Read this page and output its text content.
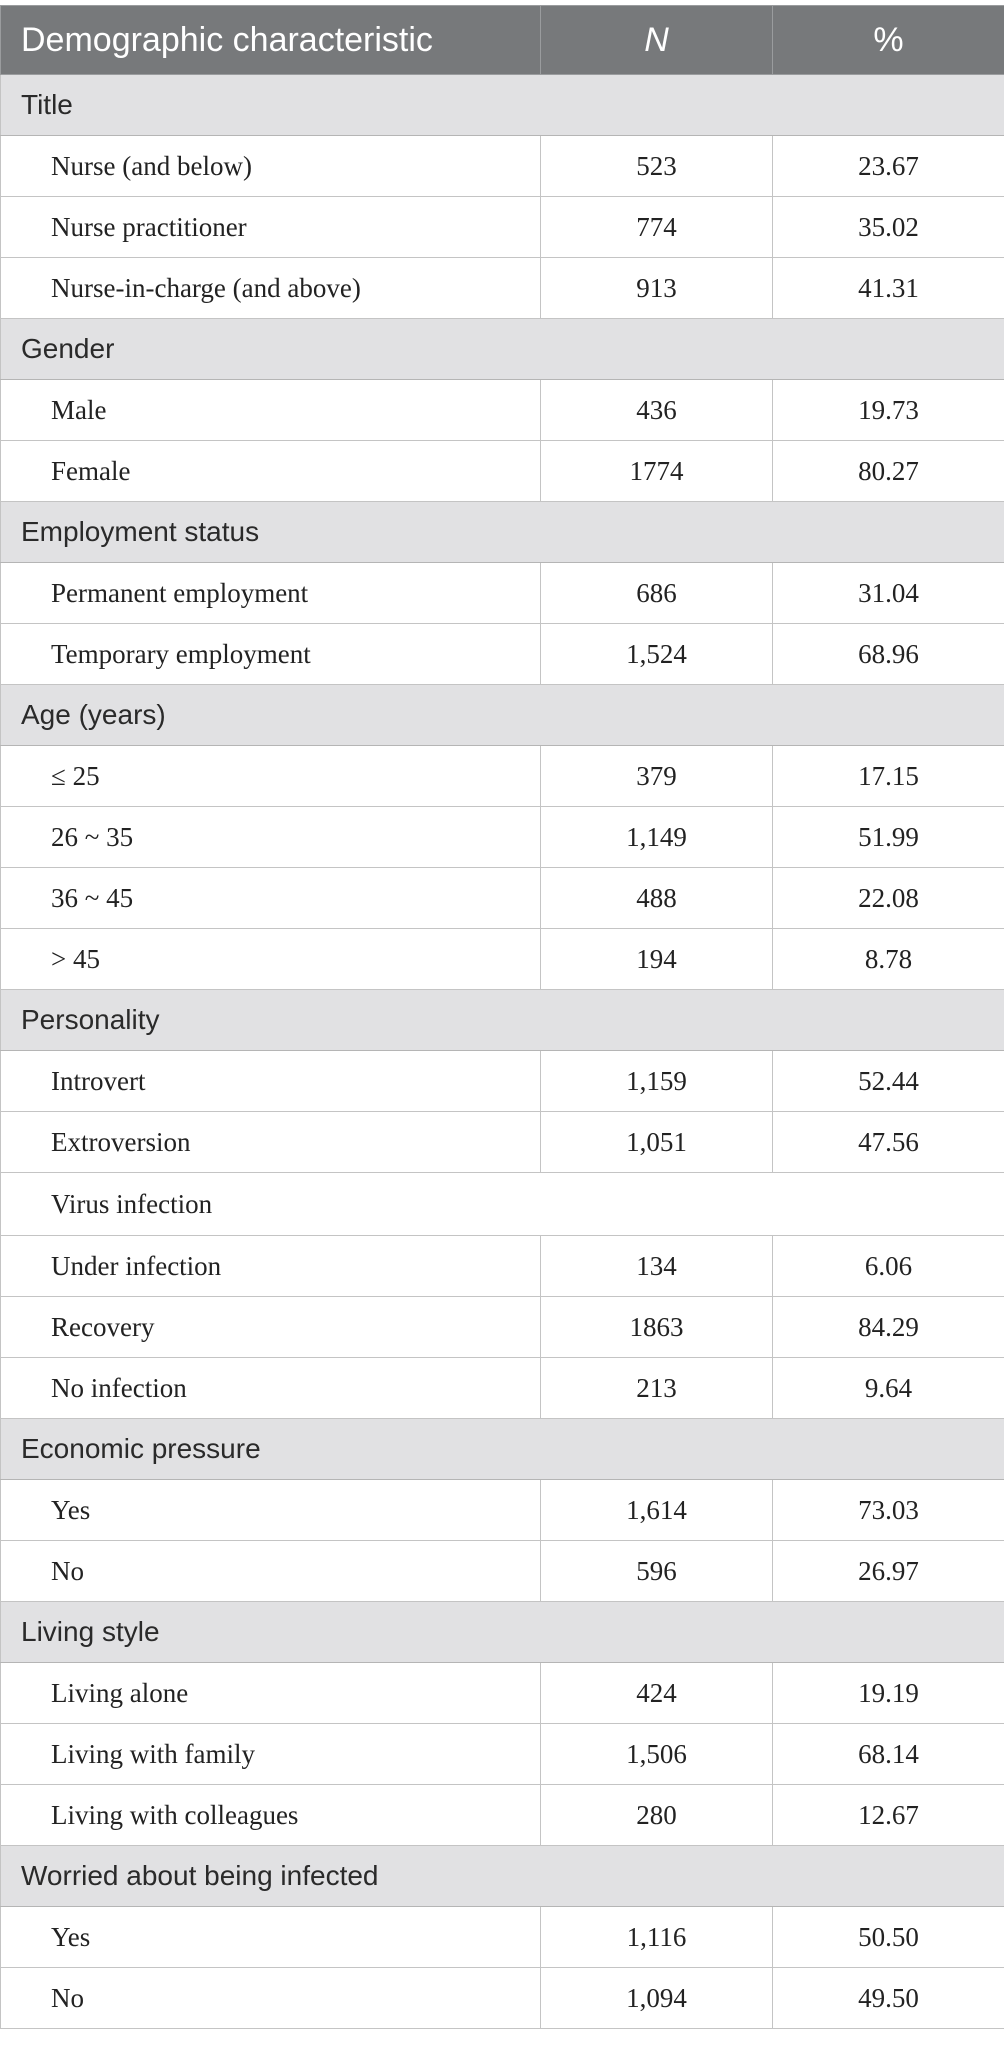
Demographic characteristic	N	%
Title		
Nurse (and below)	523	23.67
Nurse practitioner	774	35.02
Nurse-in-charge (and above)	913	41.31
Gender		
Male	436	19.73
Female	1774	80.27
Employment status		
Permanent employment	686	31.04
Temporary employment	1,524	68.96
Age (years)		
≤ 25	379	17.15
26 ~ 35	1,149	51.99
36 ~ 45	488	22.08
> 45	194	8.78
Personality		
Introvert	1,159	52.44
Extroversion	1,051	47.56
Virus infection		
Under infection	134	6.06
Recovery	1863	84.29
No infection	213	9.64
Economic pressure		
Yes	1,614	73.03
No	596	26.97
Living style		
Living alone	424	19.19
Living with family	1,506	68.14
Living with colleagues	280	12.67
Worried about being infected		
Yes	1,116	50.50
No	1,094	49.50
